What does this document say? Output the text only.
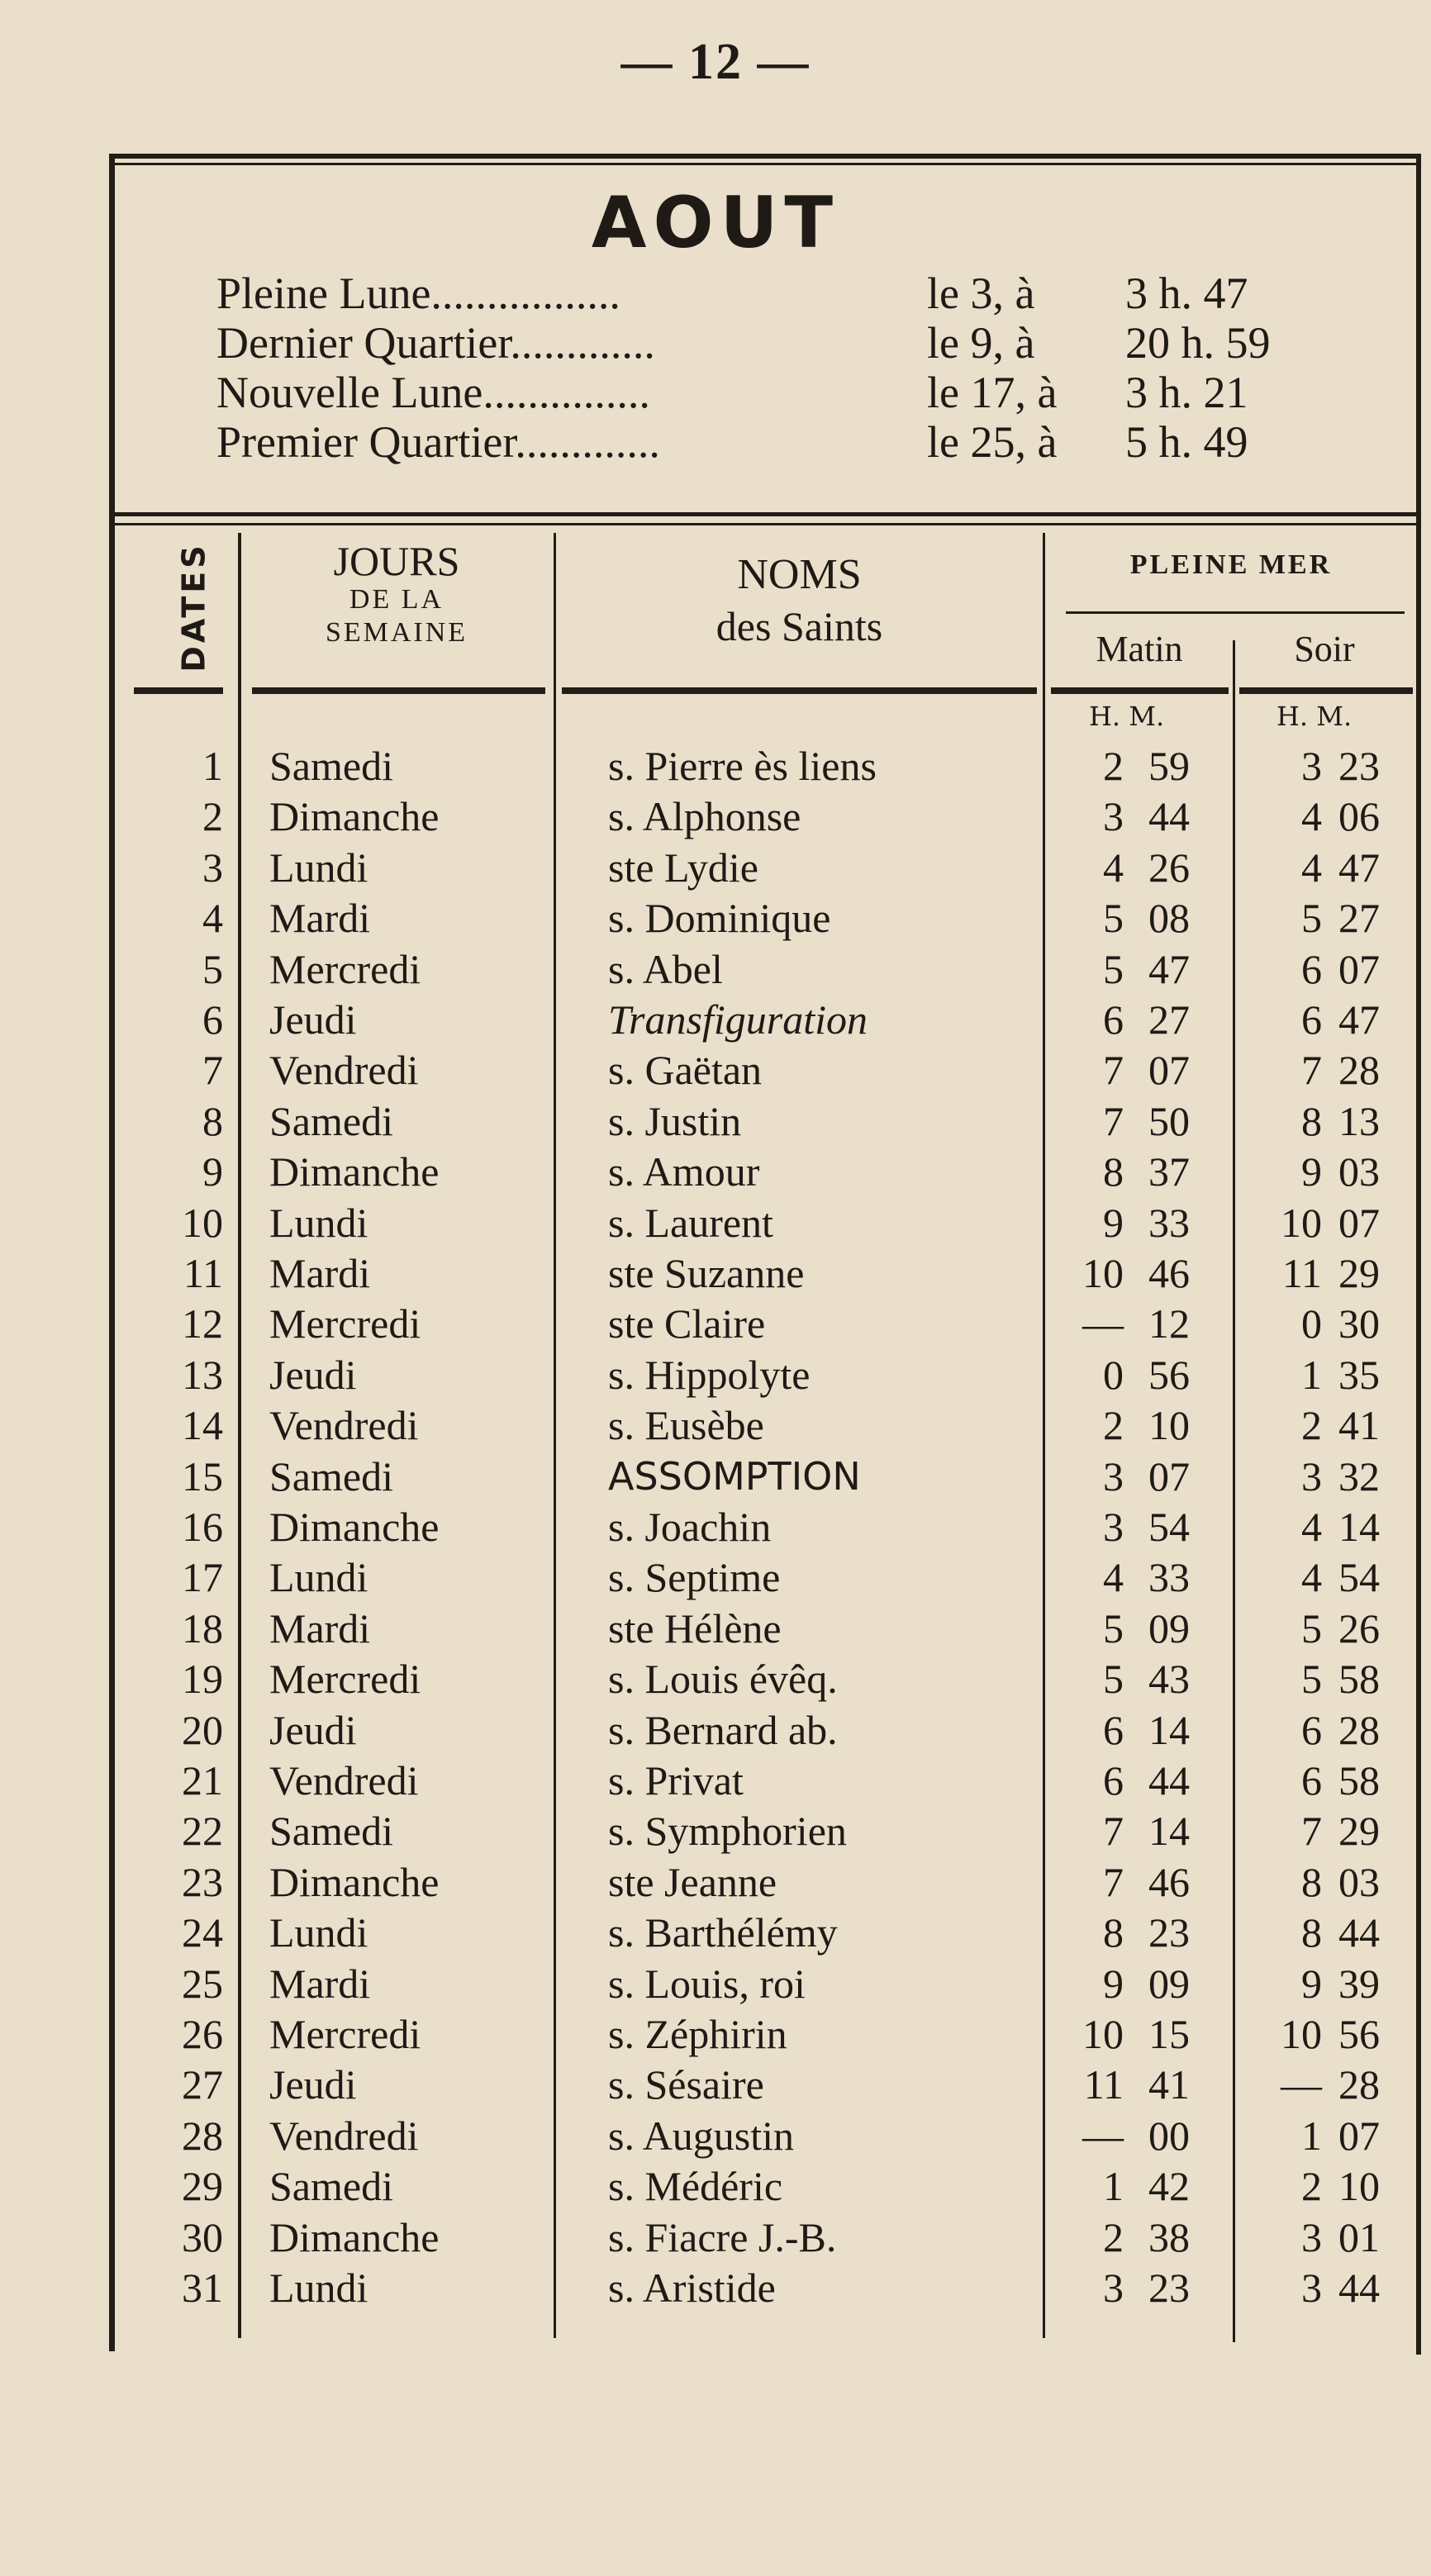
— 12 —
AOUT
Pleine Lune.................	le 3, à 3 h. 47
Dernier Quartier.............	le 9, à 20 h. 59
Nouvelle Lune...............	le 17, à 3 h. 21
Premier Quartier.............	le 25, à 5 h. 49
DATES	JOURS
DE LA
SEMAINE
NOMS
des Saints
PLEINE MER
Matin	Soir
H. M.	H. M.
1 Samedi	s. Pierre ès liens	2 59	3 23
2 Dimanche	s. Alphonse	3 44	4 06
3 Lundi	ste Lydie	4 26	4 47
4 Mardi	s. Dominique	5 08	5 27
5 Mercredi	s. Abel	5 47	6 07
6 Jeudi	Transfiguration	6 27	6 47
7 Vendredi	s. Gaëtan	7 07	7 28
8 Samedi	s. Justin	7 50	8 13
9 Dimanche	s. Amour	8 37	9 03
10 Lundi	s. Laurent	9 33	10 07
11 Mardi	ste Suzanne	10 46	11 29
12 Mercredi	ste Claire	— 12	0 30
13 Jeudi	s. Hippolyte	0 56	1 35
14 Vendredi	s. Eusèbe	2 10	2 41
15 Samedi	ASSOMPTION	3 07	3 32
16 Dimanche	s. Joachin	3 54	4 14
17 Lundi	s. Septime	4 33	4 54
18 Mardi	ste Hélène	5 09	5 26
19 Mercredi	s. Louis évêq.	5 43	5 58
20 Jeudi	s. Bernard ab.	6 14	6 28
21 Vendredi	s. Privat	6 44	6 58
22 Samedi	s. Symphorien	7 14	7 29
23 Dimanche	ste Jeanne	7 46	8 03
24 Lundi	s. Barthélémy	8 23	8 44
25 Mardi	s. Louis, roi	9 09	9 39
26 Mercredi	s. Zéphirin	10 15	10 56
27 Jeudi	s. Sésaire	11 41	— 28
28 Vendredi	s. Augustin	— 00	1 07
29 Samedi	s. Médéric	1 42	2 10
30 Dimanche	s. Fiacre J.-B.	2 38	3 01
31 Lundi	s. Aristide	3 23	3 44
